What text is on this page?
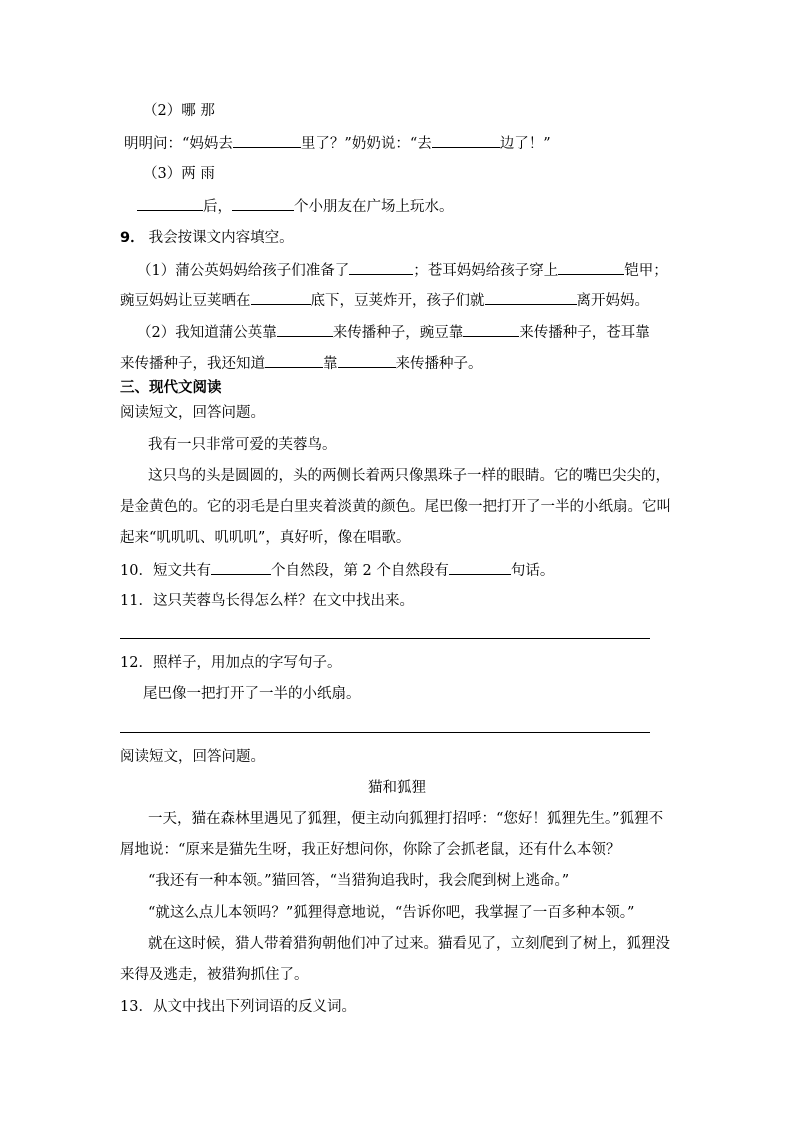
（2）哪 那
明明问：“妈妈去	里了？”奶奶说：“去	边了！”
（3）两 雨
后，	个小朋友在广场上玩水。
9． 我会按课文内容填空。
（1）蒲公英妈妈给孩子们准备了	；苍耳妈妈给孩子穿上	铠甲；
豌豆妈妈让豆荚晒在	底下，豆荚炸开，孩子们就	离开妈妈。
（2）我知道蒲公英靠	来传播种子，豌豆靠	来传播种子，苍耳靠
来传播种子，我还知道	靠	来传播种子。
三、现代文阅读
阅读短文，回答问题。
我有一只非常可爱的芙蓉鸟。
这只鸟的头是圆圆的，头的两侧长着两只像黑珠子一样的眼睛。它的嘴巴尖尖的，
是金黄色的。它的羽毛是白里夹着淡黄的颜色。尾巴像一把打开了一半的小纸扇。它叫
起来“叽叽叽、叽叽叽”，真好听，像在唱歌。
10．短文共有	个自然段，第 2 个自然段有	句话。
11．这只芙蓉鸟长得怎么样？在文中找出来。
12．照样子，用加点的字写句子。
尾巴像一把打开了一半的小纸扇。
阅读短文，回答问题。
猫和狐狸
一天，猫在森林里遇见了狐狸，便主动向狐狸打招呼：“您好！狐狸先生。”狐狸不
屑地说：“原来是猫先生呀，我正好想问你，你除了会抓老鼠，还有什么本领？
“我还有一种本领。”猫回答，“当猎狗追我时，我会爬到树上逃命。”
“就这么点儿本领吗？”狐狸得意地说，“告诉你吧，我掌握了一百多种本领。”
就在这时候，猎人带着猎狗朝他们冲了过来。猫看见了，立刻爬到了树上，狐狸没
来得及逃走，被猎狗抓住了。
13．从文中找出下列词语的反义词。
